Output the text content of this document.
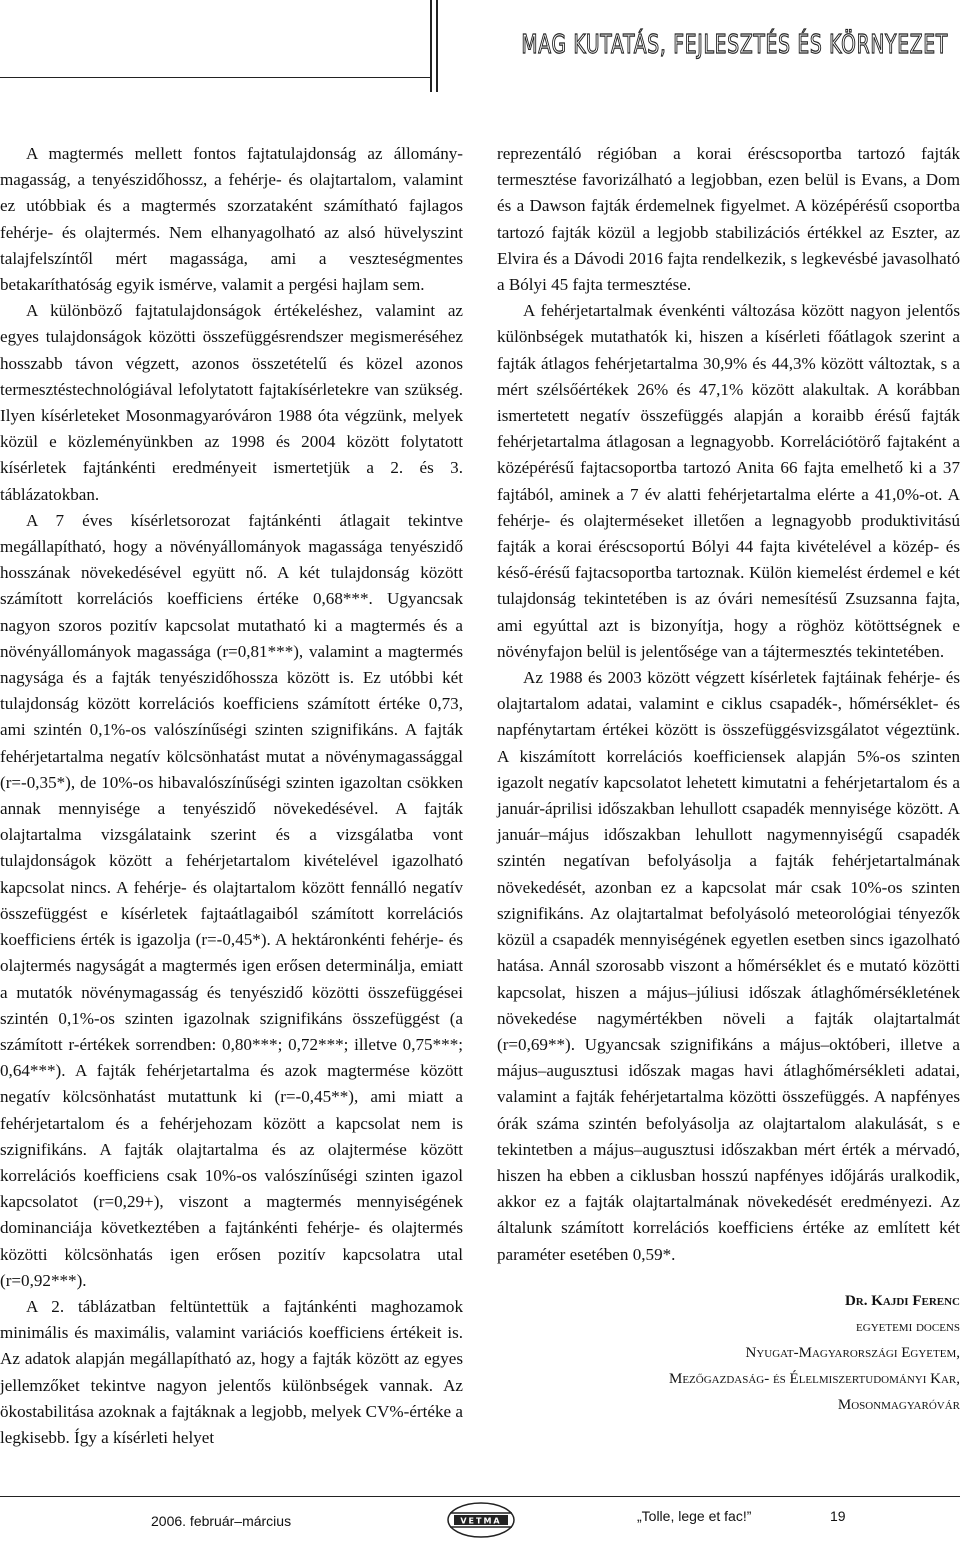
MAG KUTATÁS, FEJLESZTÉS ÉS KÖRNYEZET

A magtermés mellett fontos fajtatulajdonság az állomány-magasság, a tenyészidőhossz, a fehérje- és olajtartalom, valamint ez utóbbiak és a magtermés szorzataként számítható fajlagos fehérje- és olajtermés. Nem elhanyagolható az alsó hüvelyszint talajfelszíntől mért magassága, ami a veszteségmentes betakaríthatóság egyik ismérve, valamit a pergési hajlam sem.

A különböző fajtatulajdonságok értékeléshez, valamint az egyes tulajdonságok közötti összefüggésrendszer megismeréséhez hosszabb távon végzett, azonos összetételű és közel azonos termesztéstechnológiával lefolytatott fajtakísérletekre van szükség. Ilyen kísérleteket Mosonmagyaróváron 1988 óta végzünk, melyek közül e közleményünkben az 1998 és 2004 között folytatott kísérletek fajtánkénti eredményeit ismertetjük a 2. és 3. táblázatokban.

A 7 éves kísérletsorozat fajtánkénti átlagait tekintve megállapítható, hogy a növényállományok magassága tenyészidő hosszának növekedésével együtt nő. A két tulajdonság között számított korrelációs koefficiens értéke 0,68***. Ugyancsak nagyon szoros pozitív kapcsolat mutatható ki a magtermés és a növényállományok magassága (r=0,81***), valamint a magtermés nagysága és a fajták tenyészidőhossza között is. Ez utóbbi két tulajdonság között korrelációs koefficiens számított értéke 0,73, ami szintén 0,1%-os valószínűségi szinten szignifikáns. A fajták fehérjetartalma negatív kölcsönhatást mutat a növénymagassággal (r=-0,35*), de 10%-os hibavalószínűségi szinten igazoltan csökken annak mennyisége a tenyészidő növekedésével. A fajták olajtartalma vizsgálataink szerint és a vizsgálatba vont tulajdonságok között a fehérjetartalom kivételével igazolható kapcsolat nincs. A fehérje- és olajtartalom között fennálló negatív összefüggést e kísérletek fajtaátlagaiból számított korrelációs koefficiens érték is igazolja (r=-0,45*). A hektáronkénti fehérje- és olajtermés nagyságát a magtermés igen erősen determinálja, emiatt a mutatók növénymagasság és tenyészidő közötti összefüggései szintén 0,1%-os szinten igazolnak szignifikáns összefüggést (a számított r-értékek sorrendben: 0,80***; 0,72***; illetve 0,75***; 0,64***). A fajták fehérjetartalma és azok magtermése között negatív kölcsönhatást mutattunk ki (r=-0,45**), ami miatt a fehérjetartalom és a fehérjehozam között a kapcsolat nem is szignifikáns. A fajták olajtartalma és az olajtermése között korrelációs koefficiens csak 10%-os valószínűségi szinten igazol kapcsolatot (r=0,29+), viszont a magtermés mennyiségének dominanciája következtében a fajtánkénti fehérje- és olajtermés közötti kölcsönhatás igen erősen pozitív kapcsolatra utal (r=0,92***).

A 2. táblázatban feltüntettük a fajtánkénti maghozamok minimális és maximális, valamint variációs koefficiens értékeit is. Az adatok alapján megállapítható az, hogy a fajták között az egyes jellemzőket tekintve nagyon jelentős különbségek vannak. Az ökostabilitása azoknak a fajtáknak a legjobb, melyek CV%-értéke a legkisebb. Így a kísérleti helyet

reprezentáló régióban a korai éréscsoportba tartozó fajták termesztése favorizálható a legjobban, ezen belül is Evans, a Dom és a Dawson fajták érdemelnek figyelmet. A középérésű csoportba tartozó fajták közül a legjobb stabilizációs értékkel az Eszter, az Elvira és a Dávodi 2016 fajta rendelkezik, s legkevésbé javasolható a Bólyi 45 fajta termesztése.

A fehérjetartalmak évenkénti változása között nagyon jelentős különbségek mutathatók ki, hiszen a kísérleti főátlagok szerint a fajták átlagos fehérjetartalma 30,9% és 44,3% között változtak, s a mért szélsőértékek 26% és 47,1% között alakultak. A korábban ismertetett negatív összefüggés alapján a koraibb érésű fajták fehérjetartalma átlagosan a legnagyobb. Korrelációtörő fajtaként a középérésű fajtacsoportba tartozó Anita 66 fajta emelhető ki a 37 fajtából, aminek a 7 év alatti fehérjetartalma elérte a 41,0%-ot. A fehérje- és olajterméseket illetően a legnagyobb produktivitású fajták a korai éréscsoportú Bólyi 44 fajta kivételével a közép- és késő-érésű fajtacsoportba tartoznak. Külön kiemelést érdemel e két tulajdonság tekintetében is az óvári nemesítésű Zsuzsanna fajta, ami egyúttal azt is bizonyítja, hogy a röghöz kötöttségnek e növényfajon belül is jelentősége van a tájtermesztés tekintetében.

Az 1988 és 2003 között végzett kísérletek fajtáinak fehérje- és olajtartalom adatai, valamint e ciklus csapadék-, hőmérséklet- és napfénytartam értékei között is összefüggésvizsgálatot végeztünk. A kiszámított korrelációs koefficiensek alapján 5%-os szinten igazolt negatív kapcsolatot lehetett kimutatni a fehérjetartalom és a január-áprilisi időszakban lehullott csapadék mennyisége között. A január–május időszakban lehullott nagymennyiségű csapadék szintén negatívan befolyásolja a fajták fehérjetartalmának növekedését, azonban ez a kapcsolat már csak 10%-os szinten szignifikáns. Az olajtartalmat befolyásoló meteorológiai tényezők közül a csapadék mennyiségének egyetlen esetben sincs igazolható hatása. Annál szorosabb viszont a hőmérséklet és e mutató közötti kapcsolat, hiszen a május–júliusi időszak átlaghőmérsékletének növekedése nagymértékben növeli a fajták olajtartalmát (r=0,69**). Ugyancsak szignifikáns a május–októberi, illetve a május–augusztusi időszak magas havi átlaghőmérsékleti adatai, valamint a fajták fehérjetartalma közötti összefüggés. A napfényes órák száma szintén befolyásolja az olajtartalom alakulását, s e tekintetben a május–augusztusi időszakban mért érték a mérvadó, hiszen ha ebben a ciklusban hosszú napfényes időjárás uralkodik, akkor ez a fajták olajtartalmának növekedését eredményezi. Az általunk számított korrelációs koefficiens értéke az említett két paraméter esetében 0,59*.

Dr. Kajdi Ferenc
egyetemi docens
Nyugat-Magyarországi Egyetem,
Mezőgazdaság- és Élelmiszertudományi Kar,
Mosonmagyaróvár
2006. február–március	VETMA	„Tolle, lege et fac!”	19
